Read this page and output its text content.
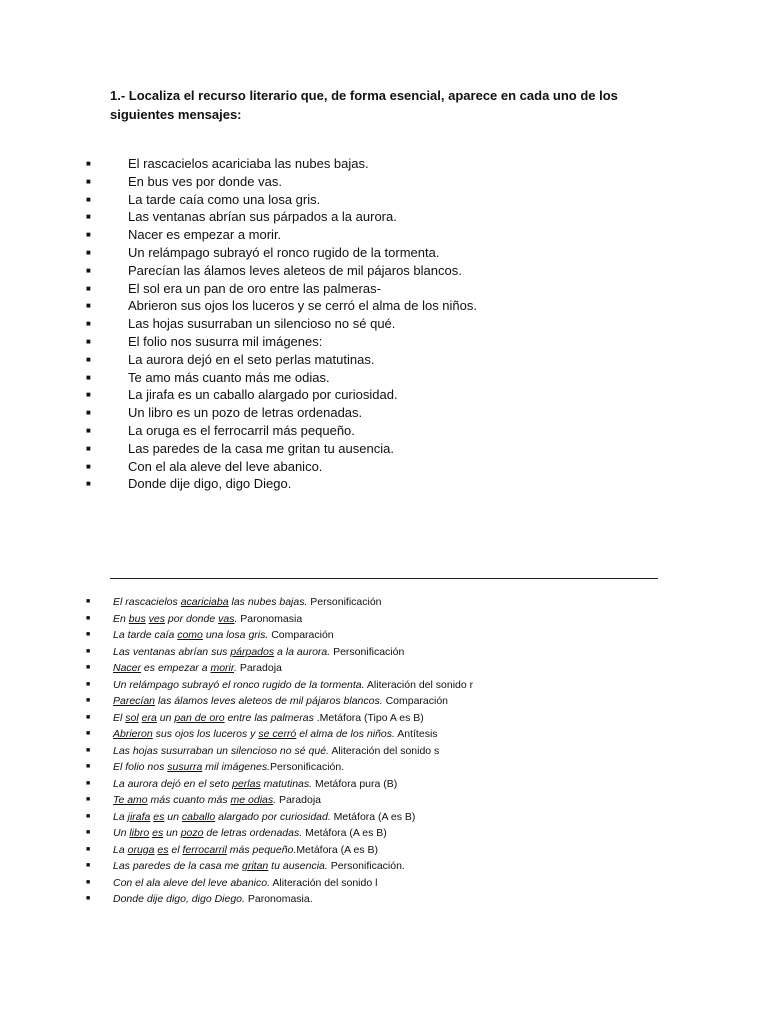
1.- Localiza el recurso literario que, de forma esencial, aparece en cada uno de los siguientes mensajes:
■	El rascacielos acariciaba las nubes bajas.
■	En bus ves por donde vas.
■	La tarde caía como una losa gris.
■	Las ventanas abrían sus párpados a la aurora.
■	Nacer es empezar a morir.
■	Un relámpago subrayó el ronco rugido de la tormenta.
■	Parecían las álamos leves aleteos de mil pájaros blancos.
■	El sol era un pan de oro entre las palmeras-
■	Abrieron sus ojos los luceros y se cerró el alma de los niños.
■	Las hojas susurraban un silencioso no sé qué.
■	El folio nos susurra mil imágenes:
■	La aurora dejó en el seto perlas matutinas.
■	Te amo más cuanto más me odias.
■	La jirafa es un caballo alargado por curiosidad.
■	Un libro es un pozo de letras ordenadas.
■	La oruga es el ferrocarril más pequeño.
■	Las paredes de la casa me gritan tu ausencia.
■	Con el ala aleve del leve abanico.
■	Donde dije digo, digo Diego.
■ El rascacielos acariciaba las nubes bajas. Personificación
■ En bus ves por donde vas. Paronomasia
■ La tarde caía como una losa gris. Comparación
■ Las ventanas abrían sus párpados a la aurora. Personificación
■ Nacer es empezar a morir. Paradoja
■ Un relámpago subrayó el ronco rugido de la tormenta. Aliteración del sonido r
■ Parecían las álamos leves aleteos de mil pájaros blancos. Comparación
■ El sol era un pan de oro entre las palmeras .Metáfora (Tipo A es B)
■ Abrieron sus ojos los luceros y se cerró el alma de los niños. Antítesis
■ Las hojas susurraban un silencioso no sé qué. Aliteración del sonido s
■ El folio nos susurra mil imágenes.Personificación.
■ La aurora dejó en el seto perlas matutinas. Metáfora pura (B)
■ Te amo más cuanto más me odias. Paradoja
■ La jirafa es un caballo alargado por curiosidad. Metáfora (A es B)
■ Un libro es un pozo de letras ordenadas. Metáfora (A es B)
■ La oruga es el ferrocarril más pequeño.Metáfora (A es B)
■ Las paredes de la casa me gritan tu ausencia. Personificación.
■ Con el ala aleve del leve abanico. Aliteración del sonido l
■ Donde dije digo, digo Diego. Paronomasia.
